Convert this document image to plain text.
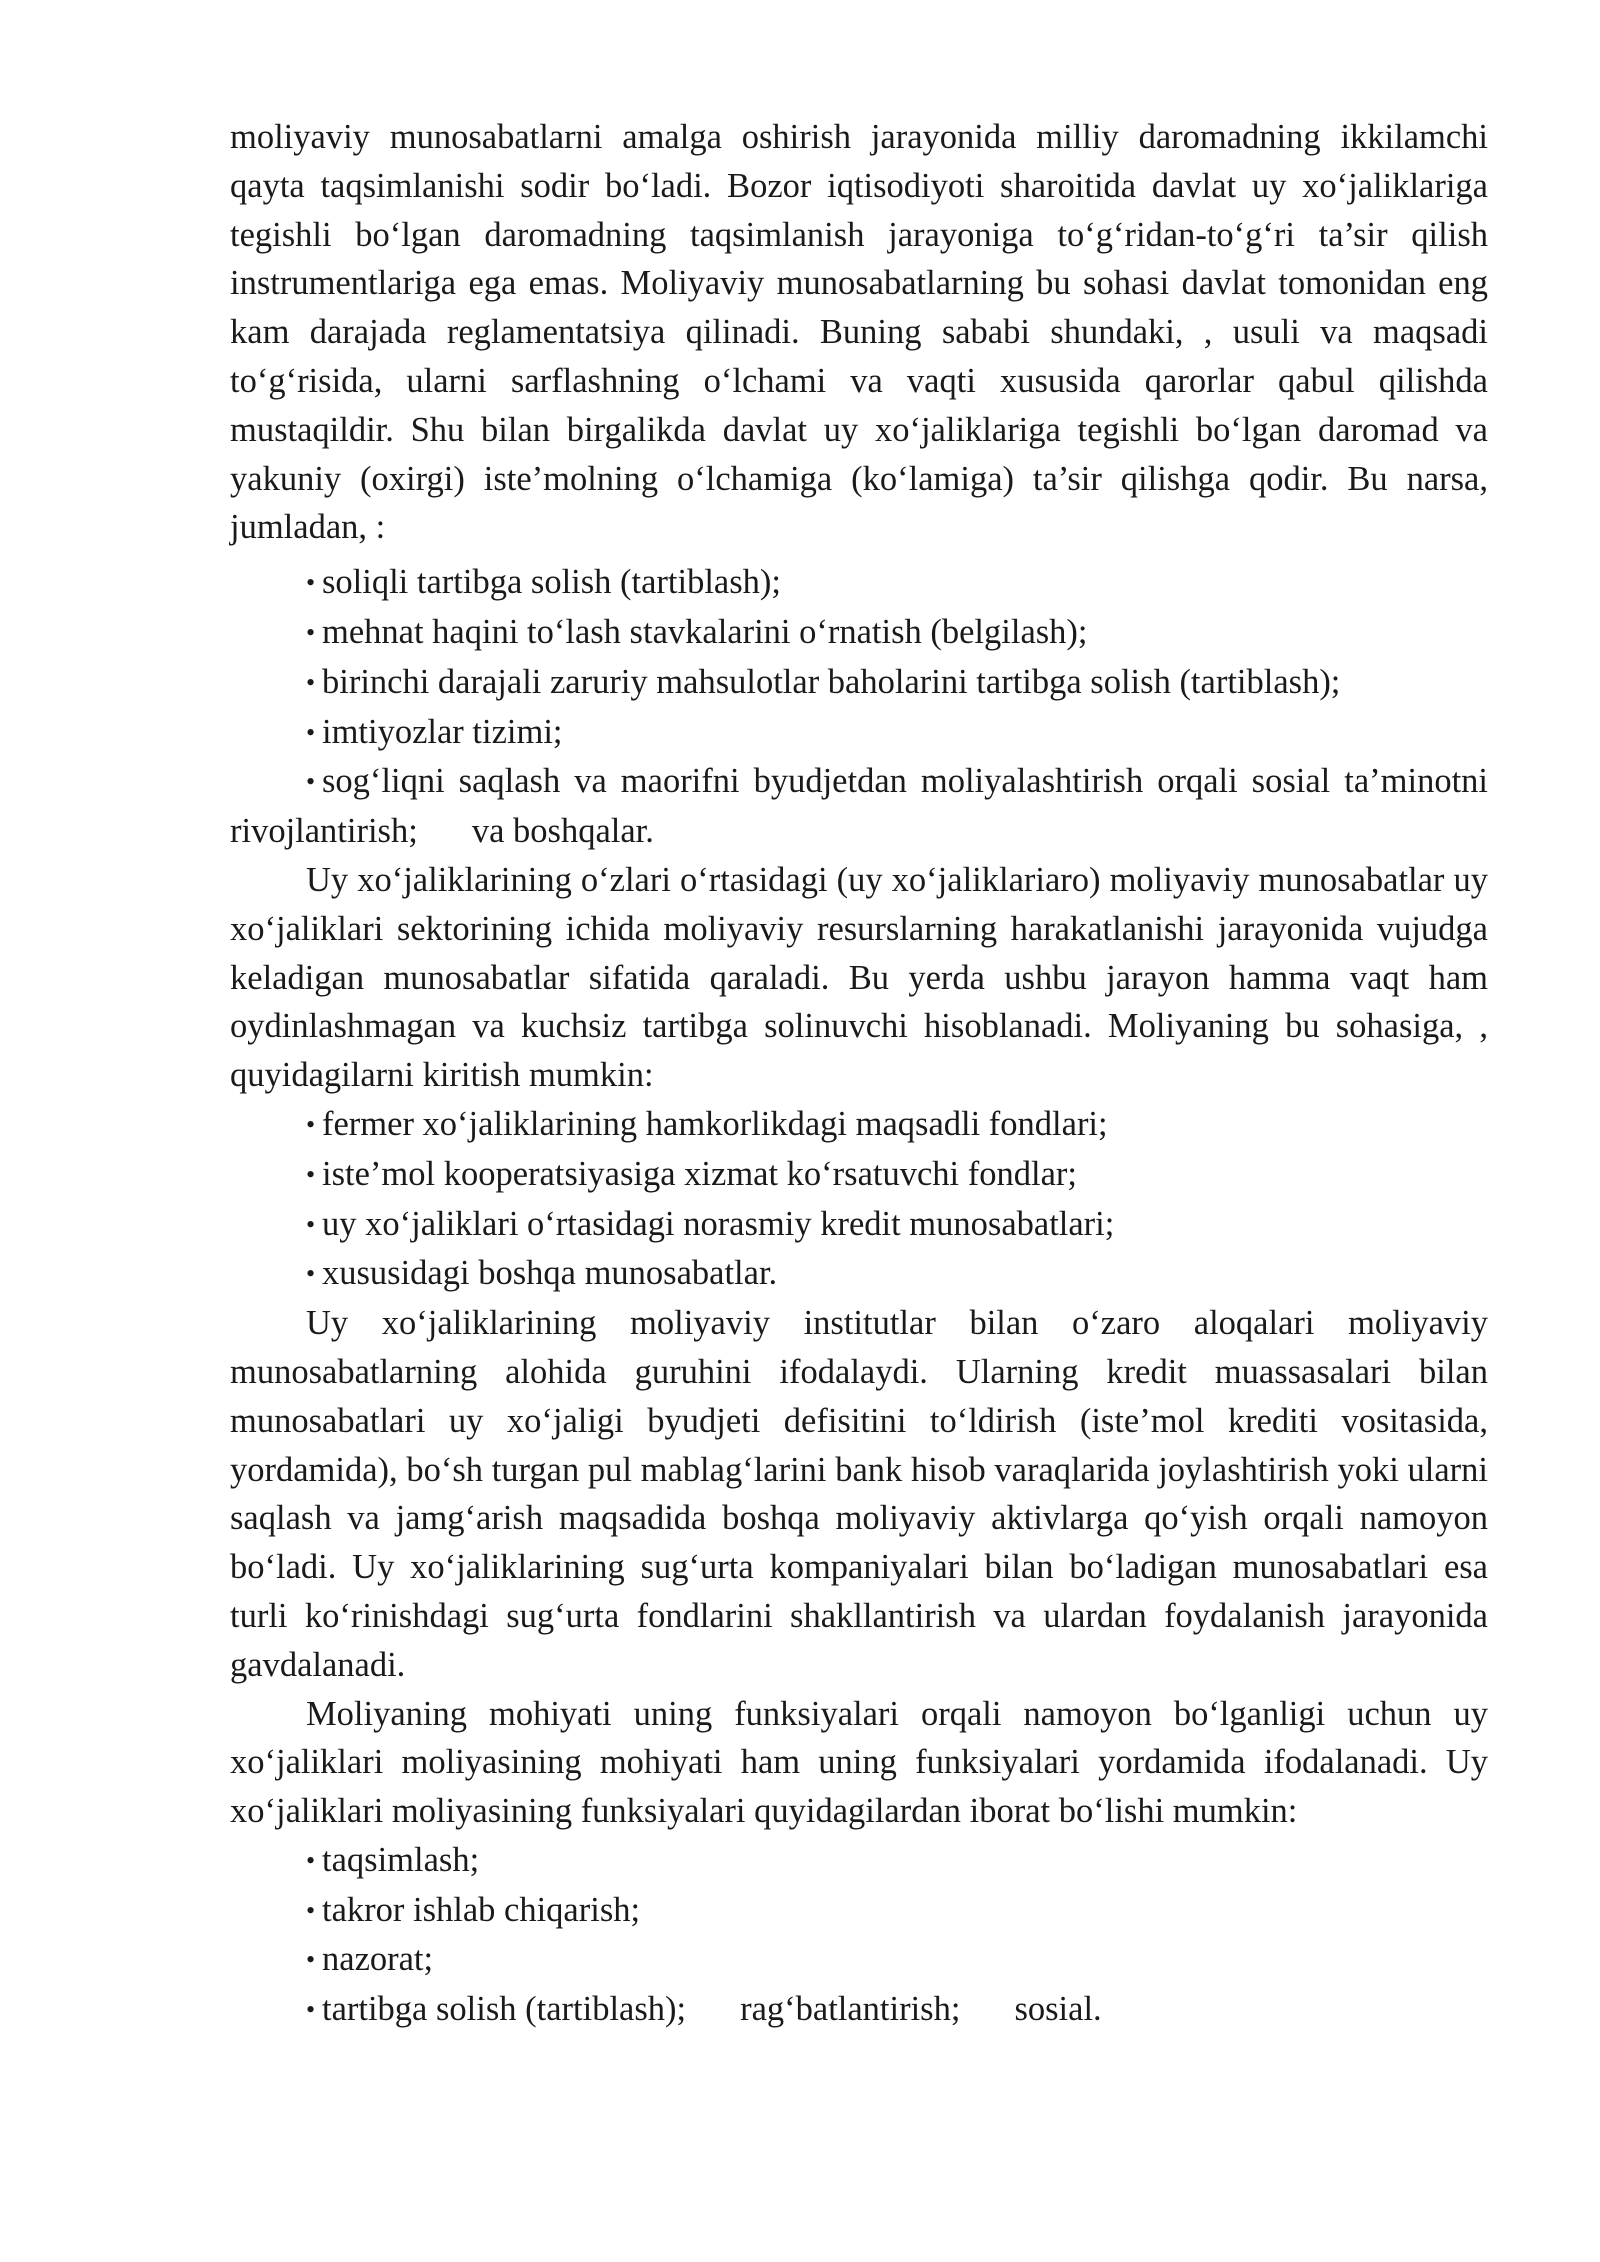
moliyaviy munosabatlarni amalga oshirish jarayonida milliy daromadning ikkilamchi qayta taqsimlanishi sodir bo‘ladi. Bozor iqtisodiyoti sharoitida davlat uy xo‘jaliklariga tegishli bo‘lgan daromadning taqsimlanish jarayoniga to‘g‘ridan-to‘g‘ri ta’sir qilish instrumentlariga ega emas. Moliyaviy munosabatlarning bu sohasi davlat tomonidan eng kam darajada reglamentatsiya qilinadi. Buning sababi shundaki, , usuli va maqsadi to‘g‘risida, ularni sarflashning o‘lchami va vaqti xususida qarorlar qabul qilishda mustaqildir. Shu bilan birgalikda davlat uy xo‘jaliklariga tegishli bo‘lgan daromad va yakuniy (oxirgi) iste’molning o‘lchamiga (ko‘lamiga) ta’sir qilishga qodir. Bu narsa, jumladan, :

• soliqli tartibga solish (tartiblash);
• mehnat haqini to‘lash stavkalarini o‘rnatish (belgilash);
• birinchi darajali zaruriy mahsulotlar baholarini tartibga solish (tartiblash);
• imtiyozlar tizimi;
• sog‘liqni saqlash va maorifni byudjetdan moliyalashtirish orqali sosial ta’minotni rivojlantirish; va boshqalar.

Uy xo‘jaliklarining o‘zlari o‘rtasidagi (uy xo‘jaliklariaro) moliyaviy munosabatlar uy xo‘jaliklari sektorining ichida moliyaviy resurslarning harakatlanishi jarayonida vujudga keladigan munosabatlar sifatida qaraladi. Bu yerda ushbu jarayon hamma vaqt ham oydinlashmagan va kuchsiz tartibga solinuvchi hisoblanadi. Moliyaning bu sohasiga, , quyidagilarni kiritish mumkin:

• fermer xo‘jaliklarining hamkorlikdagi maqsadli fondlari;
• iste’mol kooperatsiyasiga xizmat ko‘rsatuvchi fondlar;
• uy xo‘jaliklari o‘rtasidagi norasmiy kredit munosabatlari;
• xususidagi boshqa munosabatlar.

Uy xo‘jaliklarining moliyaviy institutlar bilan o‘zaro aloqalari moliyaviy munosabatlarning alohida guruhini ifodalaydi. Ularning kredit muassasalari bilan munosabatlari uy xo‘jaligi byudjeti defisitini to‘ldirish (iste’mol krediti vositasida, yordamida), bo‘sh turgan pul mablag‘larini bank hisob varaqlarida joylashtirish yoki ularni saqlash va jamg‘arish maqsadida boshqa moliyaviy aktivlarga qo‘yish orqali namoyon bo‘ladi. Uy xo‘jaliklarining sug‘urta kompaniyalari bilan bo‘ladigan munosabatlari esa turli ko‘rinishdagi sug‘urta fondlarini shakllantirish va ulardan foydalanish jarayonida gavdalanadi.

Moliyaning mohiyati uning funksiyalari orqali namoyon bo‘lganligi uchun uy xo‘jaliklari moliyasining mohiyati ham uning funksiyalari yordamida ifodalanadi. Uy xo‘jaliklari moliyasining funksiyalari quyidagilardan iborat bo‘lishi mumkin:

• taqsimlash;
• takror ishlab chiqarish;
• nazorat;
• tartibga solish (tartiblash); rag‘batlantirish; sosial.
